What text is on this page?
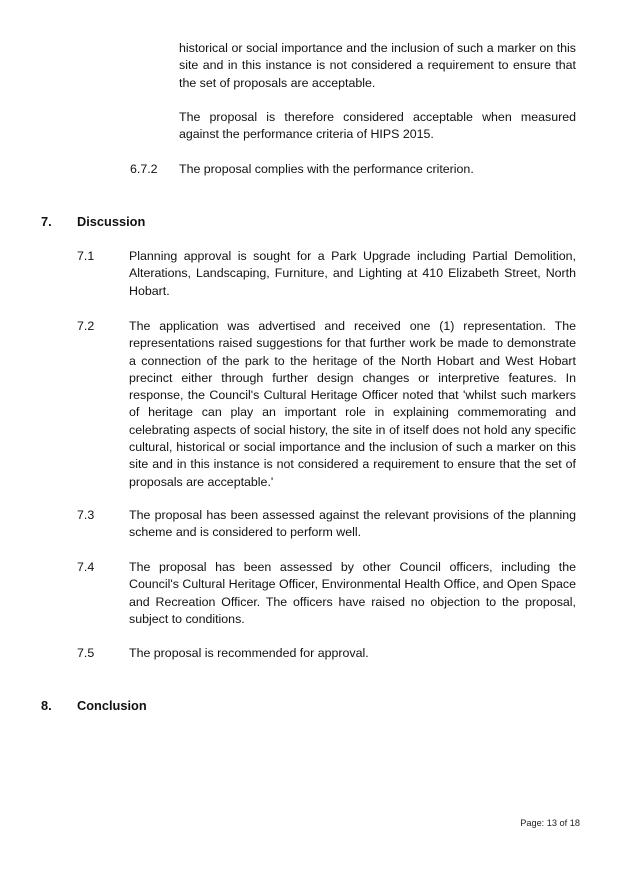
historical or social importance and the inclusion of such a marker on this site and in this instance is not considered a requirement to ensure that the set of proposals are acceptable.

The proposal is therefore considered acceptable when measured against the performance criteria of HIPS 2015.

6.7.2 The proposal complies with the performance criterion.

7. Discussion

7.1	Planning approval is sought for a Park Upgrade including Partial Demolition, Alterations, Landscaping, Furniture, and Lighting at 410 Elizabeth Street, North Hobart.

7.2	The application was advertised and received one (1) representation. The representations raised suggestions for that further work be made to demonstrate a connection of the park to the heritage of the North Hobart and West Hobart precinct either through further design changes or interpretive features. In response, the Council's Cultural Heritage Officer noted that 'whilst such markers of heritage can play an important role in explaining commemorating and celebrating aspects of social history, the site in of itself does not hold any specific cultural, historical or social importance and the inclusion of such a marker on this site and in this instance is not considered a requirement to ensure that the set of proposals are acceptable.'

7.3	The proposal has been assessed against the relevant provisions of the planning scheme and is considered to perform well.

7.4	The proposal has been assessed by other Council officers, including the Council's Cultural Heritage Officer, Environmental Health Office, and Open Space and Recreation Officer. The officers have raised no objection to the proposal, subject to conditions.

7.5	The proposal is recommended for approval.

8. Conclusion

Page: 13 of 18
